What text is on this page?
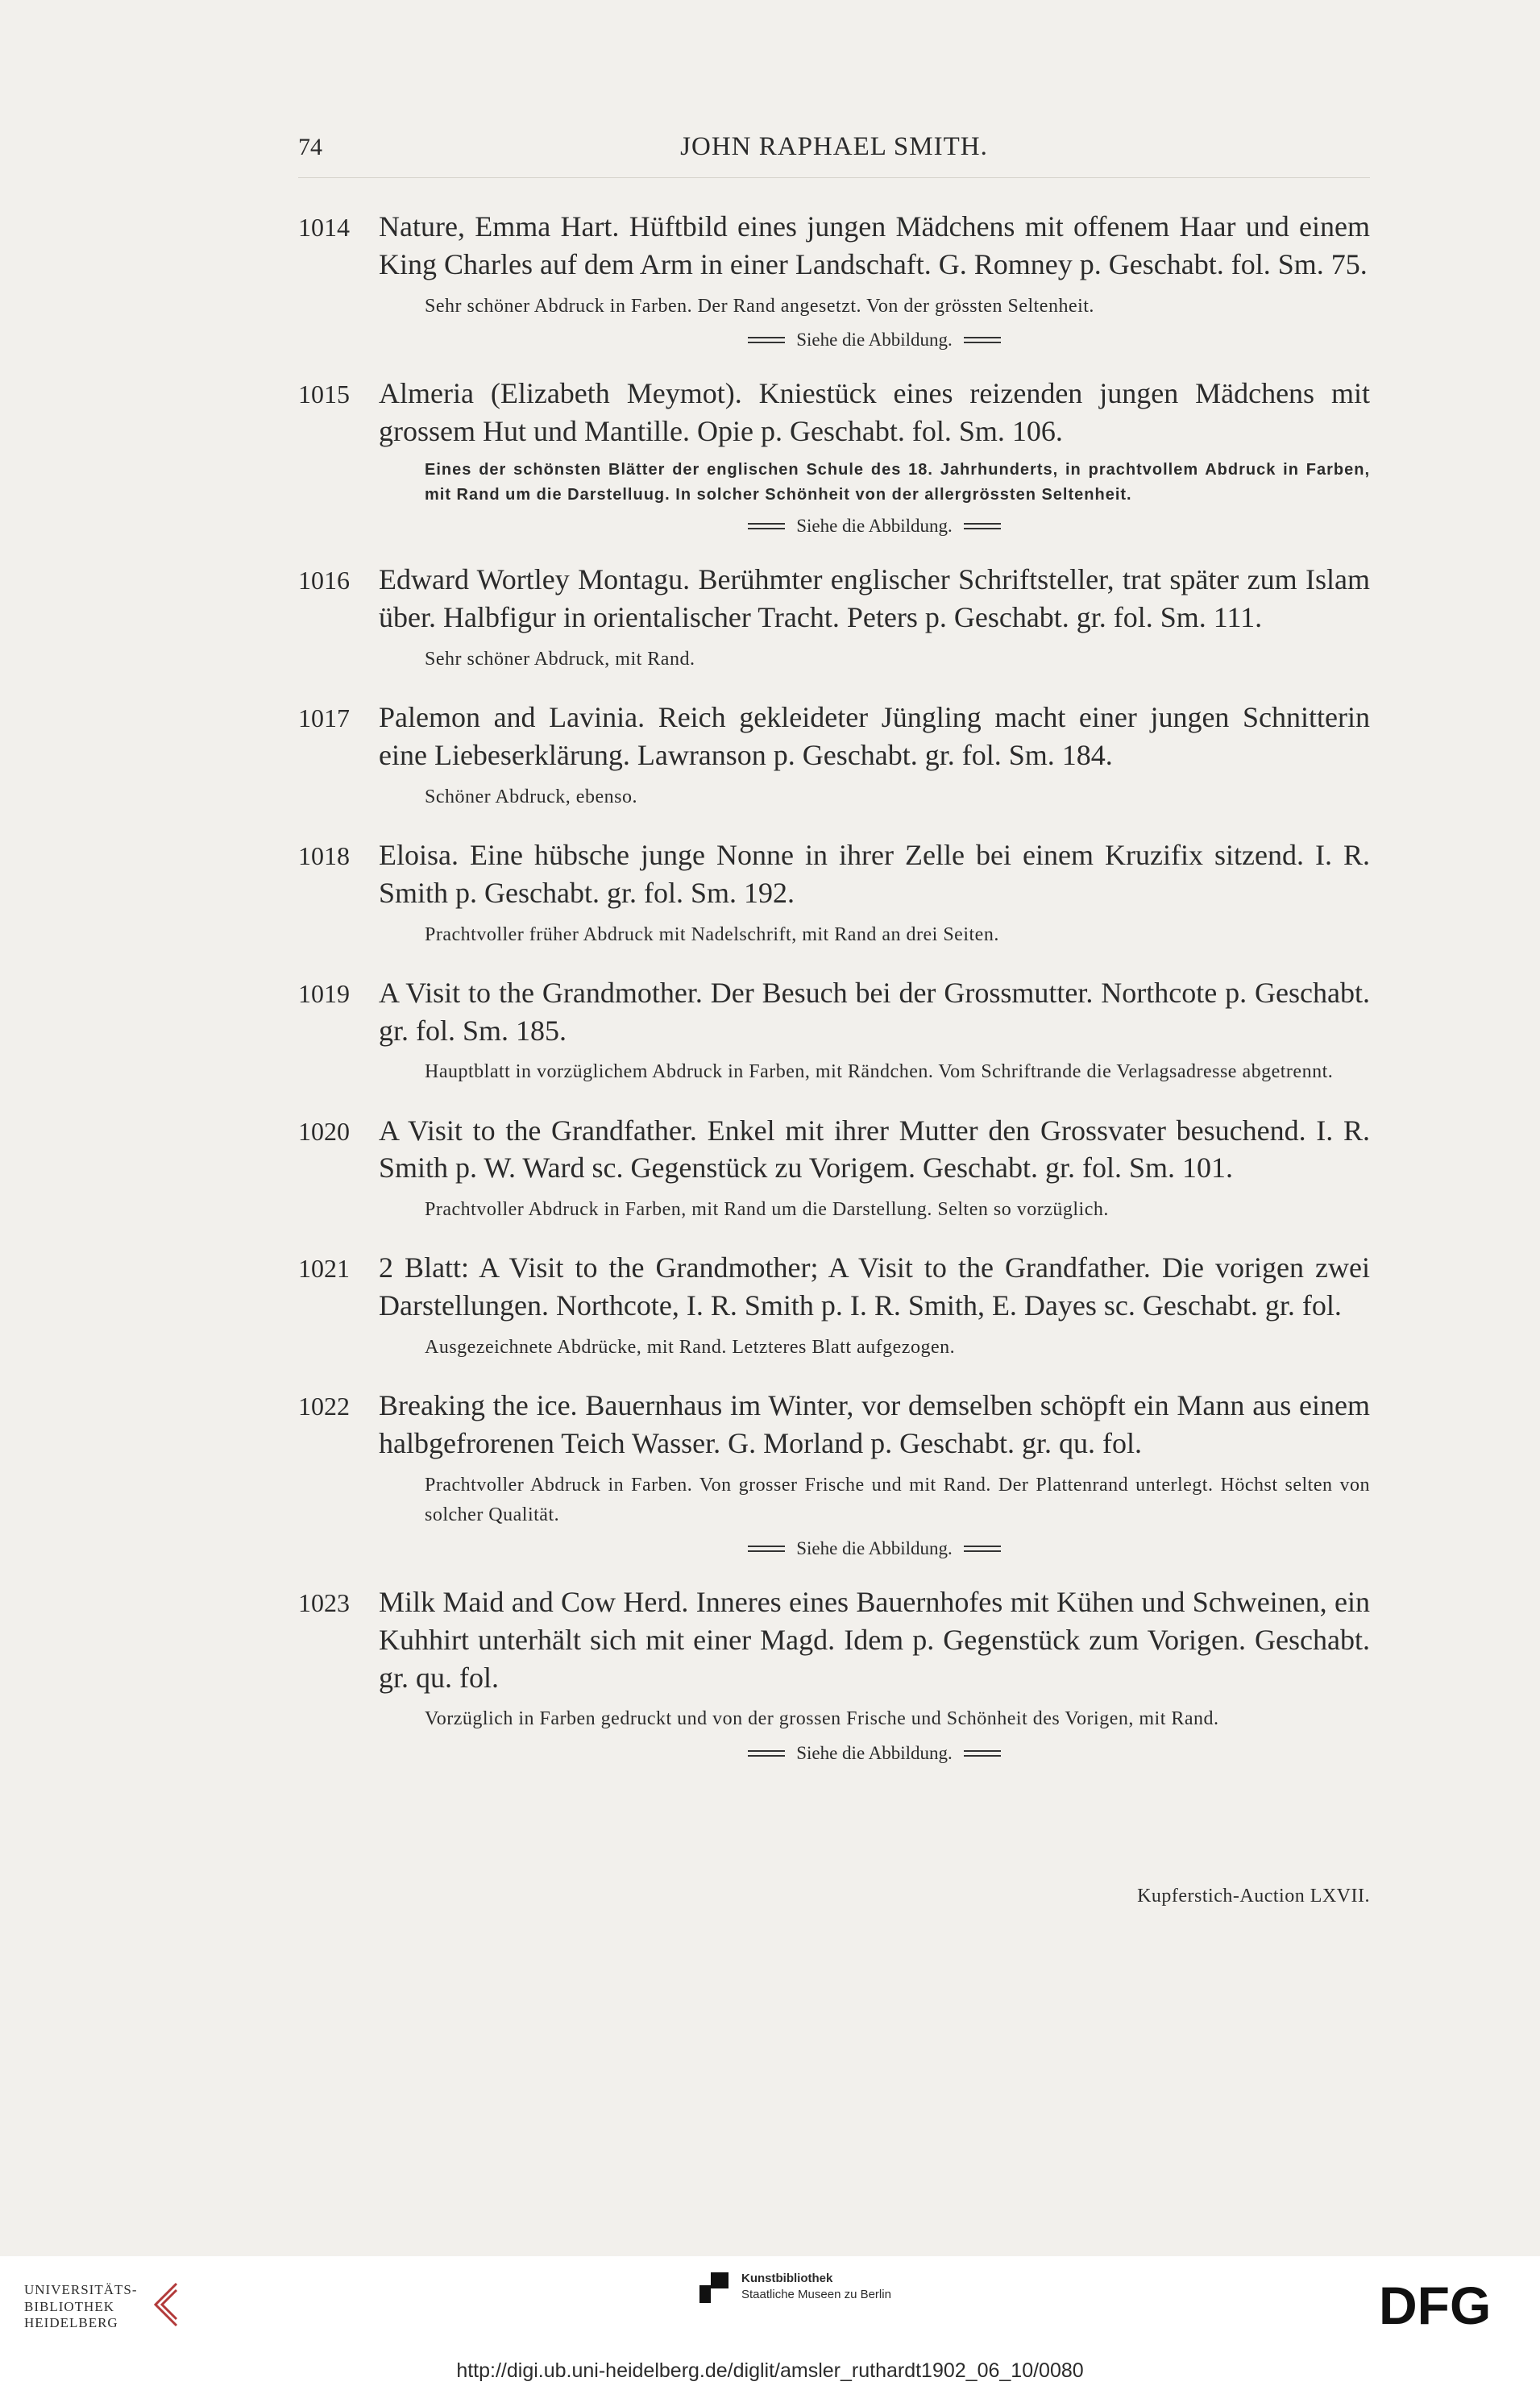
74	JOHN RAPHAEL SMITH.
1014 Nature, Emma Hart. Hüftbild eines jungen Mädchens mit offenem Haar und einem King Charles auf dem Arm in einer Landschaft. G. Romney p. Geschabt. fol. Sm. 75.
Sehr schöner Abdruck in Farben. Der Rand angesetzt. Von der grössten Seltenheit.
Siehe die Abbildung.
1015 Almeria (Elizabeth Meymot). Kniestück eines reizenden jungen Mädchens mit grossem Hut und Mantille. Opie p. Geschabt. fol. Sm. 106.
Eines der schönsten Blätter der englischen Schule des 18. Jahrhunderts, in prachtvollem Abdruck in Farben, mit Rand um die Darstelluug. In solcher Schönheit von der allergrössten Seltenheit.
Siehe die Abbildung.
1016 Edward Wortley Montagu. Berühmter englischer Schriftsteller, trat später zum Islam über. Halbfigur in orientalischer Tracht. Peters p. Geschabt. gr. fol. Sm. 111.
Sehr schöner Abdruck, mit Rand.
1017 Palemon and Lavinia. Reich gekleideter Jüngling macht einer jungen Schnitterin eine Liebeserklärung. Lawranson p. Geschabt. gr. fol. Sm. 184.
Schöner Abdruck, ebenso.
1018 Eloisa. Eine hübsche junge Nonne in ihrer Zelle bei einem Kruzifix sitzend. I. R. Smith p. Geschabt. gr. fol. Sm. 192.
Prachtvoller früher Abdruck mit Nadelschrift, mit Rand an drei Seiten.
1019 A Visit to the Grandmother. Der Besuch bei der Grossmutter. Northcote p. Geschabt. gr. fol. Sm. 185.
Hauptblatt in vorzüglichem Abdruck in Farben, mit Rändchen. Vom Schriftrande die Verlagsadresse abgetrennt.
1020 A Visit to the Grandfather. Enkel mit ihrer Mutter den Grossvater besuchend. I. R. Smith p. W. Ward sc. Gegenstück zu Vorigem. Geschabt. gr. fol. Sm. 101.
Prachtvoller Abdruck in Farben, mit Rand um die Darstellung. Selten so vorzüglich.
1021 2 Blatt: A Visit to the Grandmother; A Visit to the Grandfather. Die vorigen zwei Darstellungen. Northcote, I. R. Smith p. I. R. Smith, E. Dayes sc. Geschabt. gr. fol.
Ausgezeichnete Abdrücke, mit Rand. Letzteres Blatt aufgezogen.
1022 Breaking the ice. Bauernhaus im Winter, vor demselben schöpft ein Mann aus einem halbgefrorenen Teich Wasser. G. Morland p. Geschabt. gr. qu. fol.
Prachtvoller Abdruck in Farben. Von grosser Frische und mit Rand. Der Plattenrand unterlegt. Höchst selten von solcher Qualität.
Siehe die Abbildung.
1023 Milk Maid and Cow Herd. Inneres eines Bauernhofes mit Kühen und Schweinen, ein Kuhhirt unterhält sich mit einer Magd. Idem p. Gegenstück zum Vorigen. Geschabt. gr. qu. fol.
Vorzüglich in Farben gedruckt und von der grossen Frische und Schönheit des Vorigen, mit Rand.
Siehe die Abbildung.
Kupferstich-Auction LXVII.
UNIVERSITÄTS-
BIBLIOTHEK
HEIDELBERG
Kunstbibliothek
Staatliche Museen zu Berlin	DFG
http://digi.ub.uni-heidelberg.de/diglit/amsler_ruthardt1902_06_10/0080
